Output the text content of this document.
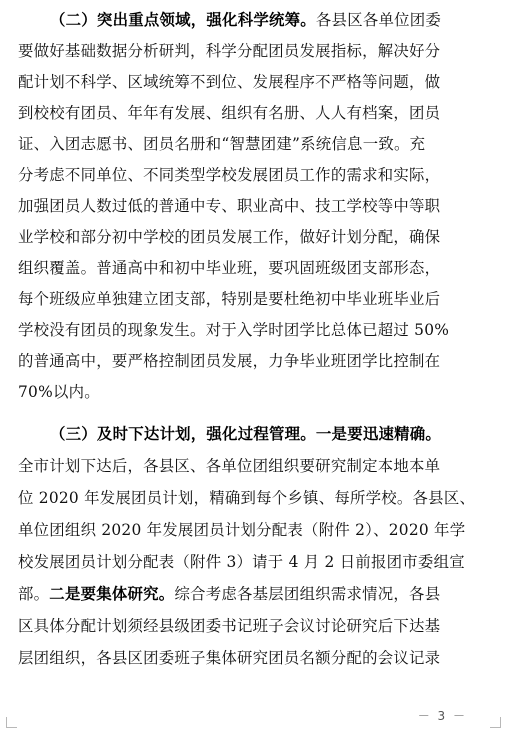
（二）突出重点领域，强化科学统筹。各县区各单位团委
要做好基础数据分析研判，科学分配团员发展指标，解决好分
配计划不科学、区域统筹不到位、发展程序不严格等问题，做
到校校有团员、年年有发展、组织有名册、人人有档案，团员
证、入团志愿书、团员名册和“智慧团建”系统信息一致。充
分考虑不同单位、不同类型学校发展团员工作的需求和实际，
加强团员人数过低的普通中专、职业高中、技工学校等中等职
业学校和部分初中学校的团员发展工作，做好计划分配，确保
组织覆盖。普通高中和初中毕业班，要巩固班级团支部形态，
每个班级应单独建立团支部，特别是要杜绝初中毕业班毕业后
学校没有团员的现象发生。对于入学时团学比总体已超过 50%
的普通高中，要严格控制团员发展，力争毕业班团学比控制在
70%以内。
（三）及时下达计划，强化过程管理。一是要迅速精确。
全市计划下达后，各县区、各单位团组织要研究制定本地本单
位 2020 年发展团员计划，精确到每个乡镇、每所学校。各县区、
单位团组织 2020 年发展团员计划分配表（附件 2）、2020 年学
校发展团员计划分配表（附件 3）请于 4 月 2 日前报团市委组宣
部。二是要集体研究。综合考虑各基层团组织需求情况，各县
区具体分配计划须经县级团委书记班子会议讨论研究后下达基
层团组织，各县区团委班子集体研究团员名额分配的会议记录
－ 3 －
